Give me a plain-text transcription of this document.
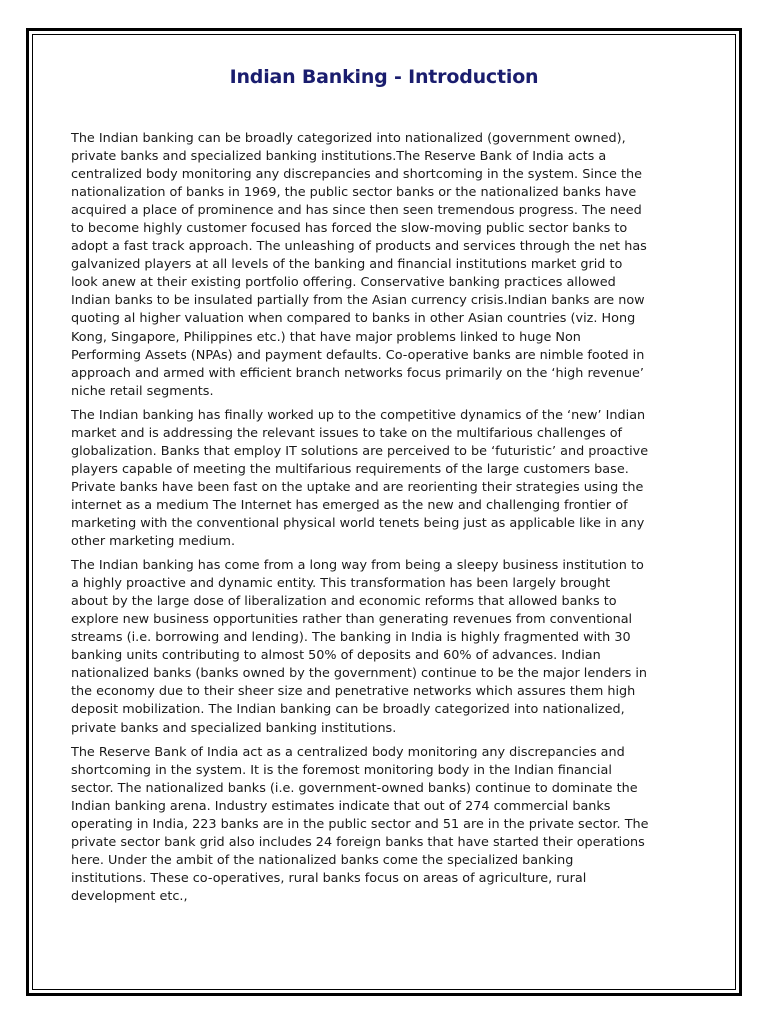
Indian Banking - Introduction

The Indian banking can be broadly categorized into nationalized (government owned), private banks and specialized banking institutions.The Reserve Bank of India acts a centralized body monitoring any discrepancies and shortcoming in the system. Since the nationalization of banks in 1969, the public sector banks or the nationalized banks have acquired a place of prominence and has since then seen tremendous progress. The need to become highly customer focused has forced the slow-moving public sector banks to adopt a fast track approach. The unleashing of products and services through the net has galvanized players at all levels of the banking and financial institutions market grid to look anew at their existing portfolio offering. Conservative banking practices allowed Indian banks to be insulated partially from the Asian currency crisis.Indian banks are now quoting al higher valuation when compared to banks in other Asian countries (viz. Hong Kong, Singapore, Philippines etc.) that have major problems linked to huge Non Performing Assets (NPAs) and payment defaults. Co-operative banks are nimble footed in approach and armed with efficient branch networks focus primarily on the ‘high revenue’ niche retail segments.

The Indian banking has finally worked up to the competitive dynamics of the ‘new’ Indian market and is addressing the relevant issues to take on the multifarious challenges of globalization. Banks that employ IT solutions are perceived to be ‘futuristic’ and proactive players capable of meeting the multifarious requirements of the large customers base. Private banks have been fast on the uptake and are reorienting their strategies using the internet as a medium The Internet has emerged as the new and challenging frontier of marketing with the conventional physical world tenets being just as applicable like in any other marketing medium.

The Indian banking has come from a long way from being a sleepy business institution to a highly proactive and dynamic entity. This transformation has been largely brought about by the large dose of liberalization and economic reforms that allowed banks to explore new business opportunities rather than generating revenues from conventional streams (i.e. borrowing and lending). The banking in India is highly fragmented with 30 banking units contributing to almost 50% of deposits and 60% of advances. Indian nationalized banks (banks owned by the government) continue to be the major lenders in the economy due to their sheer size and penetrative networks which assures them high deposit mobilization. The Indian banking can be broadly categorized into nationalized, private banks and specialized banking institutions.

The Reserve Bank of India act as a centralized body monitoring any discrepancies and shortcoming in the system. It is the foremost monitoring body in the Indian financial sector. The nationalized banks (i.e. government-owned banks) continue to dominate the Indian banking arena. Industry estimates indicate that out of 274 commercial banks operating in India, 223 banks are in the public sector and 51 are in the private sector. The private sector bank grid also includes 24 foreign banks that have started their operations here. Under the ambit of the nationalized banks come the specialized banking institutions. These co-operatives, rural banks focus on areas of agriculture, rural development etc.,
